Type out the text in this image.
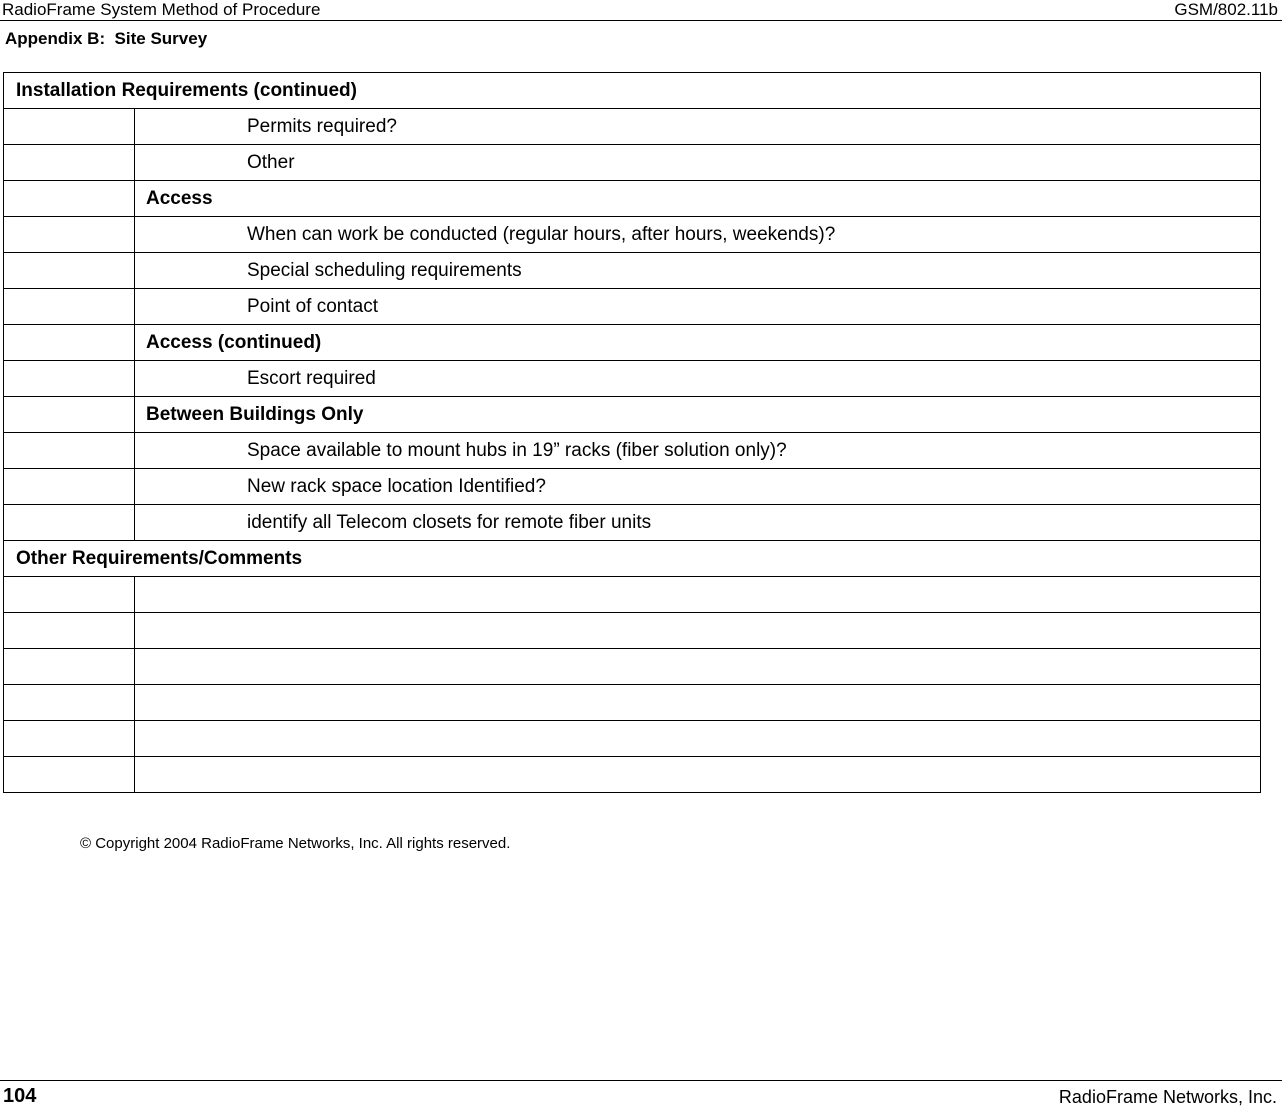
RadioFrame System Method of Procedure	GSM/802.11b
Appendix B:  Site Survey
Installation Requirements (continued)	
	Permits required?
	Other
	Access
	When can work be conducted (regular hours, after hours, weekends)?
	Special scheduling requirements
	Point of contact
	Access (continued)
	Escort required
	Between Buildings Only
	Space available to mount hubs in 19” racks (fiber solution only)?
	New rack space location Identified?
	identify all Telecom closets for remote fiber units
Other Requirements/Comments	

© Copyright 2004 RadioFrame Networks, Inc. All rights reserved.
104	RadioFrame Networks, Inc.
